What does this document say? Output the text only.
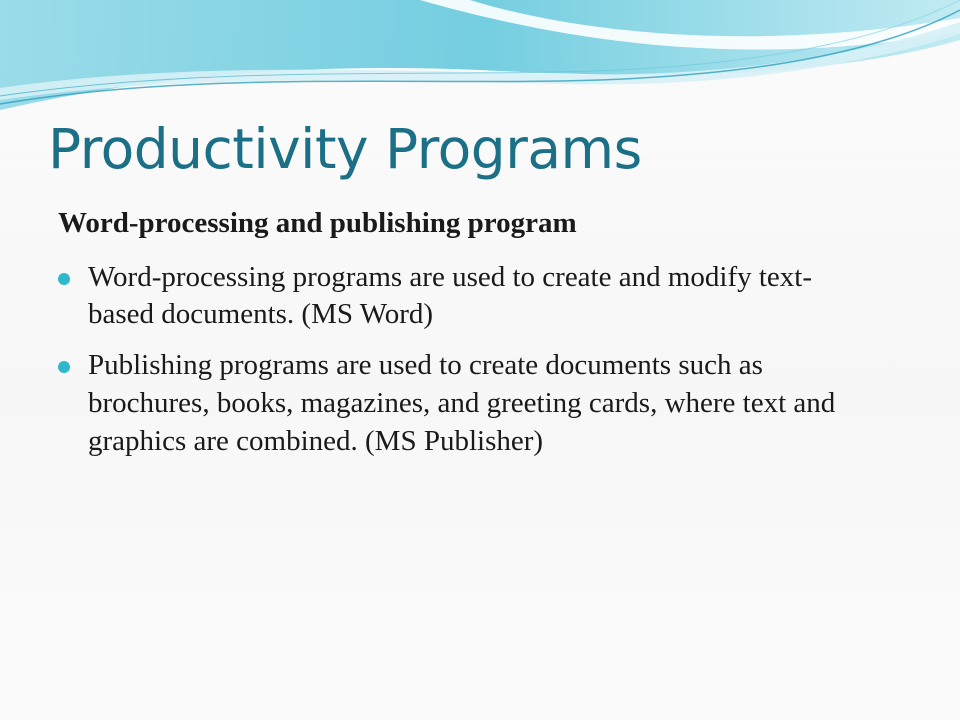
Productivity Programs

Word-processing and publishing program

Word-processing programs are used to create and modify text-based documents. (MS Word)
Publishing programs are used to create documents such as brochures, books, magazines, and greeting cards, where text and graphics are combined. (MS Publisher)
